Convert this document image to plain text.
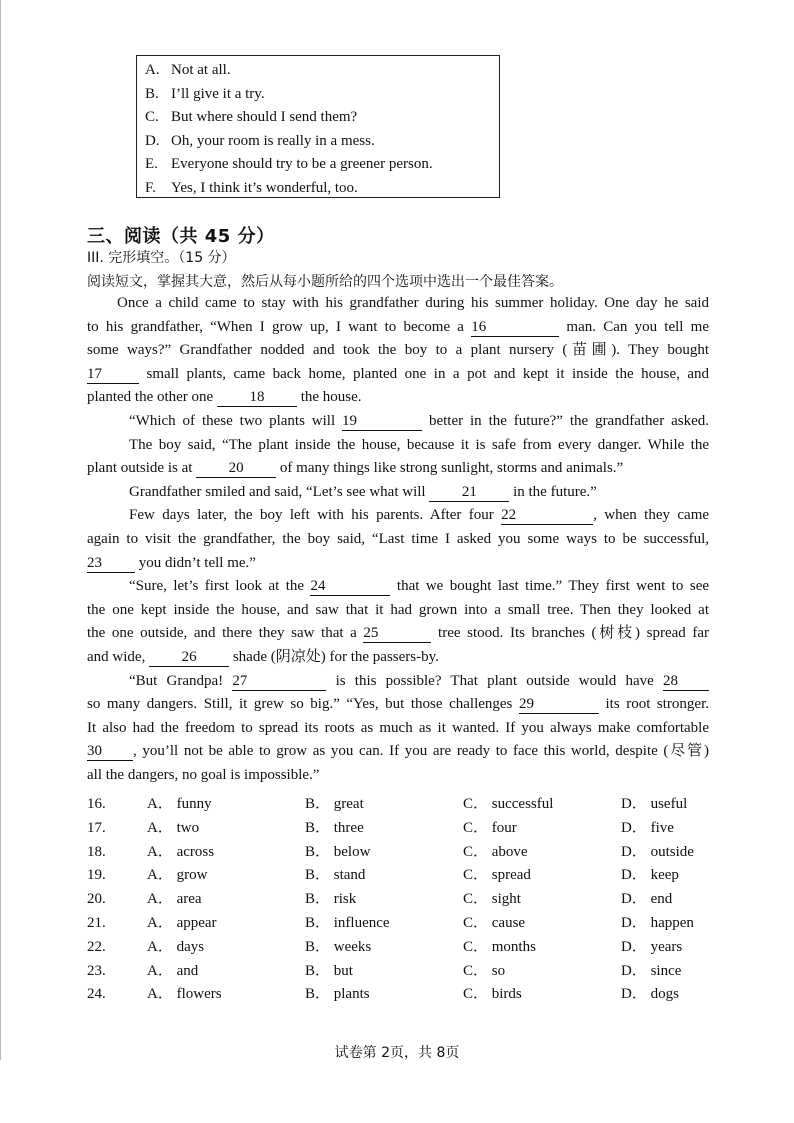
A. Not at all.
B. I’ll give it a try.
C. But where should I send them?
D. Oh, your room is really in a mess.
E. Everyone should try to be a greener person.
F. Yes, I think it’s wonderful, too.
三、阅读（共 45 分）
III. 完形填空。（15 分）
阅读短文，掌握其大意，然后从每小题所给的四个选项中选出一个最佳答案。
Once a child came to stay with his grandfather during his summer holiday. One day he said
to his grandfather, “When I grow up, I want to become a 16	man. Can you tell me
some ways?” Grandfather nodded and took the boy to a plant nursery (苗圃). They bought
17	small plants, came back home, planted one in a pot and kept it inside the house, and
planted the other one 18 the house.
“Which of these two plants will 19	better in the future?” the grandfather asked.
The boy said, “The plant inside the house, because it is safe from every danger. While the
plant outside is at 20 of many things like strong sunlight, storms and animals.”
Grandfather smiled and said, “Let’s see what will 21 in the future.”
Few days later, the boy left with his parents. After four 22	, when they came
again to visit the grandfather, the boy said, “Last time I asked you some ways to be successful,
23 you didn’t tell me.”
“Sure, let’s first look at the 24	that we bought last time.” They first went to see
the one kept inside the house, and saw that it had grown into a small tree. Then they looked at
the one outside, and there they saw that a 25	tree stood. Its branches (树枝) spread far
and wide, 26 shade (阴凉处) for the passers-by.
“But Grandpa! 27	is this possible? That plant outside would have 28
so many dangers. Still, it grew so big.” “Yes, but those challenges 29	its root stronger.
It also had the freedom to spread its roots as much as it wanted. If you always make comfortable
30 , you’ll not be able to grow as you can. If you are ready to face this world, despite (尽管)
all the dangers, no goal is impossible.”
16.	A． funny	B． great	C． successful	D． useful
17.	A． two	B． three	C． four	D． five
18.	A． across	B． below	C． above	D． outside
19.	A． grow	B． stand	C． spread	D． keep
20.	A． area	B． risk	C． sight	D． end
21.	A． appear	B． influence	C． cause	D． happen
22.	A． days	B． weeks	C． months	D． years
23.	A． and	B． but	C． so	D． since
24.	A． flowers	B． plants	C． birds	D． dogs
试卷第 2页，共 8页
